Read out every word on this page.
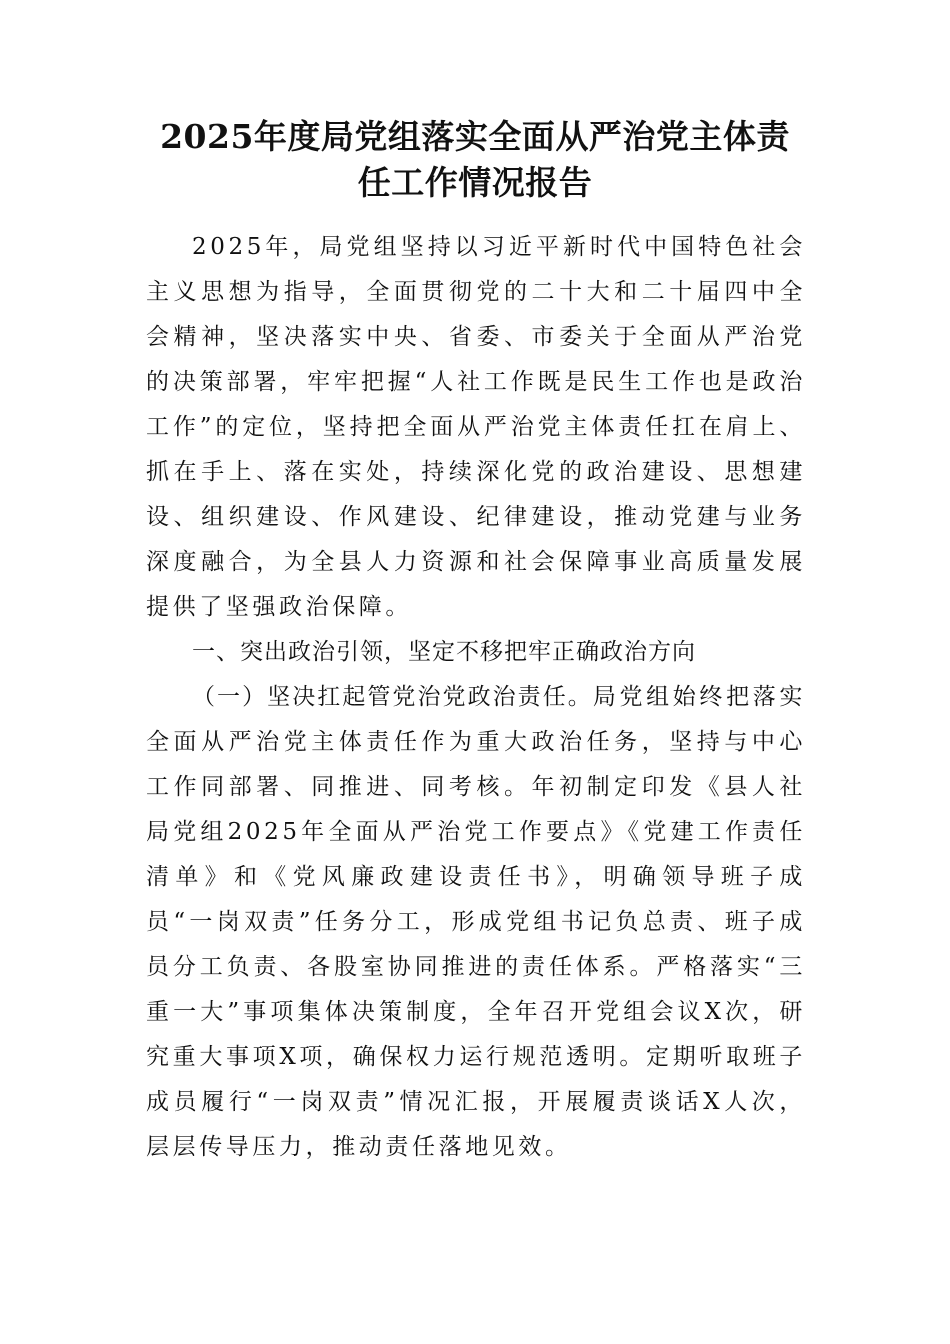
2025年度局党组落实全面从严治党主体责
任工作情况报告

2025年，局党组坚持以习近平新时代中国特色社会主义思想为指导，全面贯彻党的二十大和二十届四中全会精神，坚决落实中央、省委、市委关于全面从严治党的决策部署，牢牢把握“人社工作既是民生工作也是政治工作”的定位，坚持把全面从严治党主体责任扛在肩上、抓在手上、落在实处，持续深化党的政治建设、思想建设、组织建设、作风建设、纪律建设，推动党建与业务深度融合，为全县人力资源和社会保障事业高质量发展提供了坚强政治保障。

一、突出政治引领，坚定不移把牢正确政治方向

（一）坚决扛起管党治党政治责任。局党组始终把落实全面从严治党主体责任作为重大政治任务，坚持与中心工作同部署、同推进、同考核。年初制定印发《县人社局党组2025年全面从严治党工作要点》《党建工作责任清单》和《党风廉政建设责任书》，明确领导班子成员“一岗双责”任务分工，形成党组书记负总责、班子成员分工负责、各股室协同推进的责任体系。严格落实“三重一大”事项集体决策制度，全年召开党组会议X次，研究重大事项X项，确保权力运行规范透明。定期听取班子成员履行“一岗双责”情况汇报，开展履责谈话X人次，层层传导压力，推动责任落地见效。
